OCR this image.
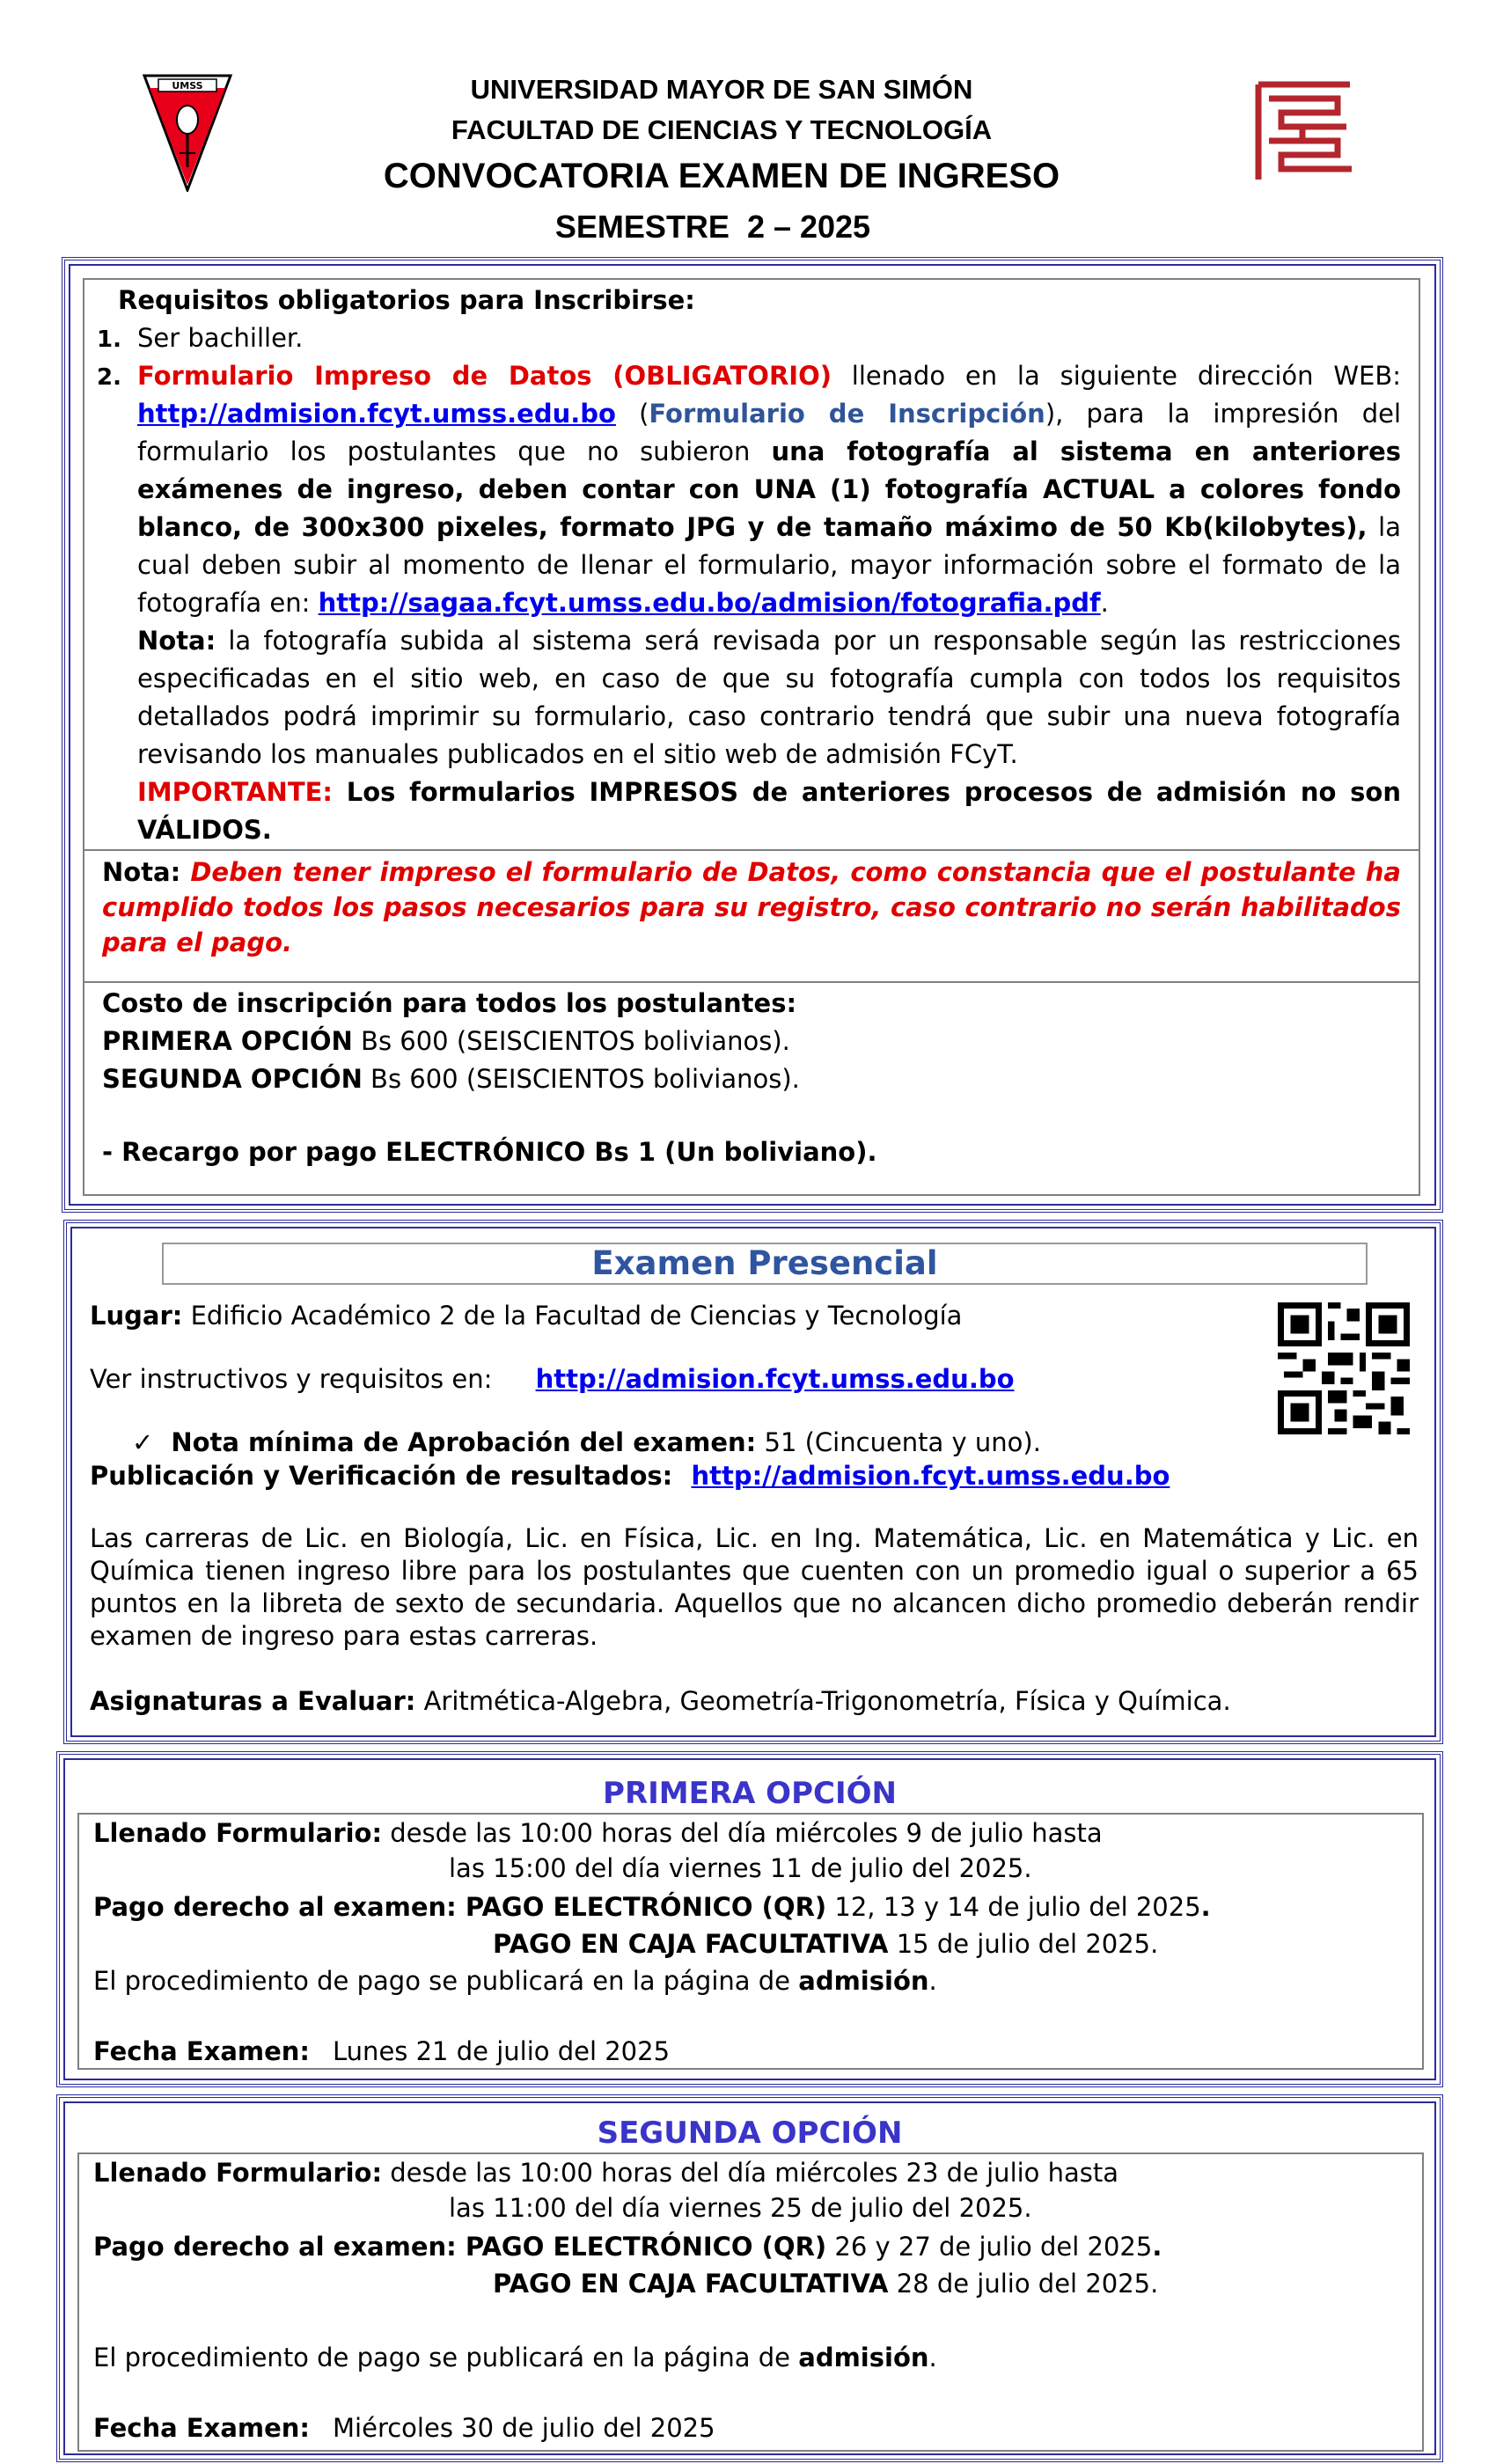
UMSS	UNIVERSIDAD MAYOR DE SAN SIMÓN
FACULTAD DE CIENCIAS Y TECNOLOGÍA
CONVOCATORIA EXAMEN DE INGRESO
SEMESTRE  2 – 2025
Requisitos obligatorios para Inscribirse:
1. Ser bachiller.
2. Formulario Impreso de Datos (OBLIGATORIO) llenado en la siguiente dirección WEB: http://admision.fcyt.umss.edu.bo (Formulario de Inscripción), para la impresión del formulario los postulantes que no subieron una fotografía al sistema en anteriores exámenes de ingreso, deben contar con UNA (1) fotografía ACTUAL a colores fondo blanco, de 300x300 pixeles, formato JPG y de tamaño máximo de 50 Kb(kilobytes), la cual deben subir al momento de llenar el formulario, mayor información sobre el formato de la fotografía en: http://sagaa.fcyt.umss.edu.bo/admision/fotografia.pdf.
Nota: la fotografía subida al sistema será revisada por un responsable según las restricciones especificadas en el sitio web, en caso de que su fotografía cumpla con todos los requisitos detallados podrá imprimir su formulario, caso contrario tendrá que subir una nueva fotografía revisando los manuales publicados en el sitio web de admisión FCyT.
IMPORTANTE: Los formularios IMPRESOS de anteriores procesos de admisión no son VÁLIDOS.
Nota: Deben tener impreso el formulario de Datos, como constancia que el postulante ha cumplido todos los pasos necesarios para su registro, caso contrario no serán habilitados para el pago.
Costo de inscripción para todos los postulantes:
PRIMERA OPCIÓN Bs 600 (SEISCIENTOS bolivianos).
SEGUNDA OPCIÓN Bs 600 (SEISCIENTOS bolivianos).
- Recargo por pago ELECTRÓNICO Bs 1 (Un boliviano).
Examen Presencial
Lugar: Edificio Académico 2 de la Facultad de Ciencias y Tecnología
Ver instructivos y requisitos en: http://admision.fcyt.umss.edu.bo
✓ Nota mínima de Aprobación del examen: 51 (Cincuenta y uno).
Publicación y Verificación de resultados: http://admision.fcyt.umss.edu.bo
Las carreras de Lic. en Biología, Lic. en Física, Lic. en Ing. Matemática, Lic. en Matemática y Lic. en Química tienen ingreso libre para los postulantes que cuenten con un promedio igual o superior a 65 puntos en la libreta de sexto de secundaria. Aquellos que no alcancen dicho promedio deberán rendir examen de ingreso para estas carreras.
Asignaturas a Evaluar: Aritmética-Algebra, Geometría-Trigonometría, Física y Química.
PRIMERA OPCIÓN
Llenado Formulario: desde las 10:00 horas del día miércoles 9 de julio hasta
las 15:00 del día viernes 11 de julio del 2025.
Pago derecho al examen: PAGO ELECTRÓNICO (QR) 12, 13 y 14 de julio del 2025.
PAGO EN CAJA FACULTATIVA 15 de julio del 2025.
El procedimiento de pago se publicará en la página de admisión.
Fecha Examen: Lunes 21 de julio del 2025
SEGUNDA OPCIÓN
Llenado Formulario: desde las 10:00 horas del día miércoles 23 de julio hasta
las 11:00 del día viernes 25 de julio del 2025.
Pago derecho al examen: PAGO ELECTRÓNICO (QR) 26 y 27 de julio del 2025.
PAGO EN CAJA FACULTATIVA 28 de julio del 2025.
El procedimiento de pago se publicará en la página de admisión.
Fecha Examen: Miércoles 30 de julio del 2025
